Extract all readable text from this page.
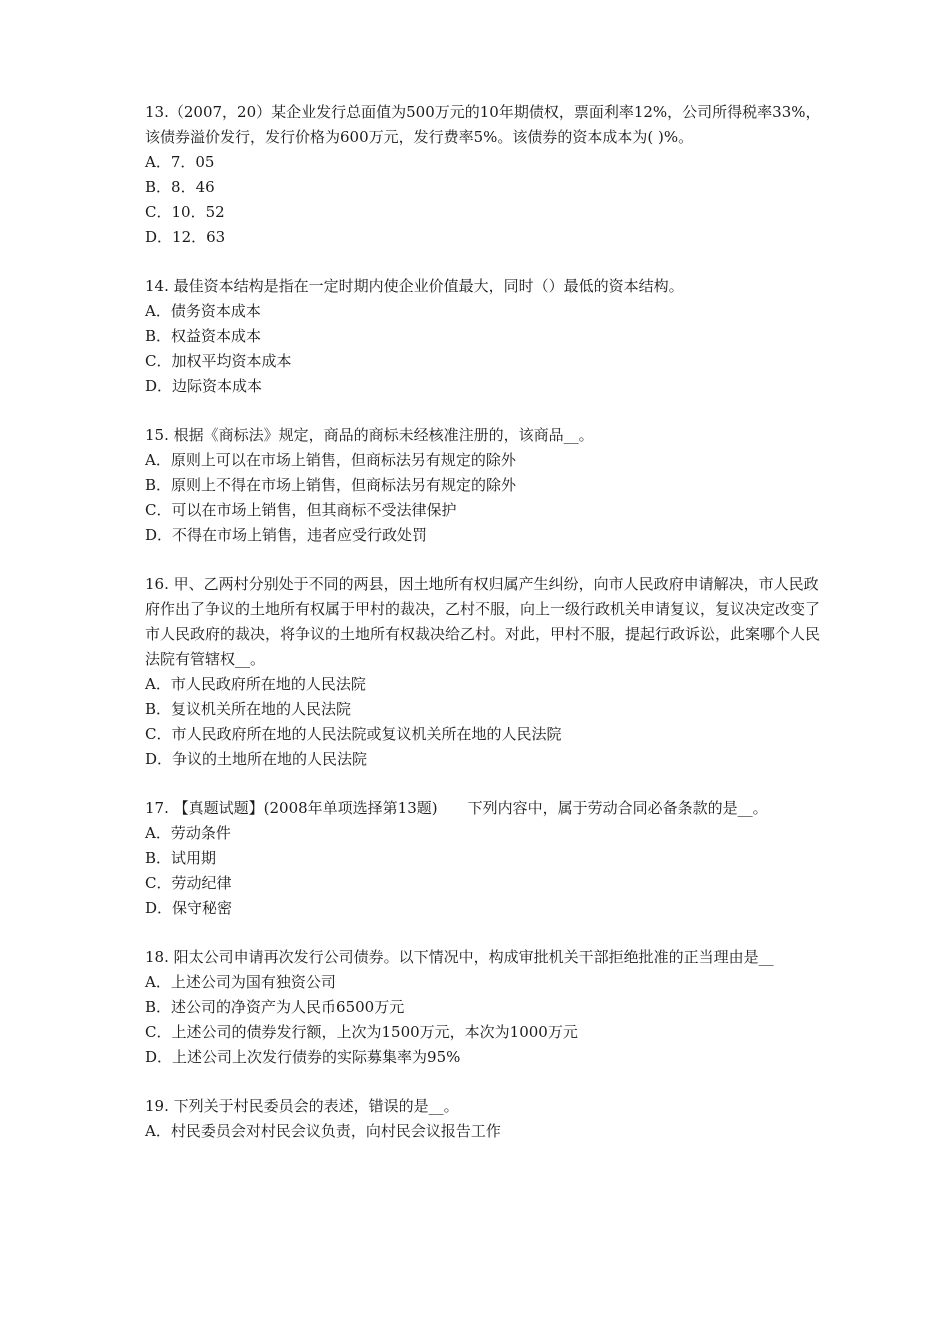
13.（2007，20）某企业发行总面值为500万元的10年期债权，票面利率12%，公司所得税率33%，该债券溢价发行，发行价格为600万元，发行费率5%。该债券的资本成本为( )%。

A．7．05

B．8．46

C．10．52

D．12．63

14. 最佳资本结构是指在一定时期内使企业价值最大，同时（）最低的资本结构。

A．债务资本成本

B．权益资本成本

C．加权平均资本成本

D．边际资本成本

15. 根据《商标法》规定，商品的商标未经核准注册的，该商品__。

A．原则上可以在市场上销售，但商标法另有规定的除外

B．原则上不得在市场上销售，但商标法另有规定的除外

C．可以在市场上销售，但其商标不受法律保护

D．不得在市场上销售，违者应受行政处罚

16. 甲、乙两村分别处于不同的两县，因土地所有权归属产生纠纷，向市人民政府申请解决，市人民政府作出了争议的土地所有权属于甲村的裁决，乙村不服，向上一级行政机关申请复议，复议决定改变了市人民政府的裁决，将争议的土地所有权裁决给乙村。对此，甲村不服，提起行政诉讼，此案哪个人民法院有管辖权__。

A．市人民政府所在地的人民法院

B．复议机关所在地的人民法院

C．市人民政府所在地的人民法院或复议机关所在地的人民法院

D．争议的土地所在地的人民法院

17. 【真题试题】(2008年单项选择第13题)　　下列内容中，属于劳动合同必备条款的是__。

A．劳动条件

B．试用期

C．劳动纪律

D．保守秘密

18. 阳太公司申请再次发行公司债券。以下情况中，构成审批机关干部拒绝批准的正当理由是__

A．上述公司为国有独资公司

B．述公司的净资产为人民币6500万元

C．上述公司的债券发行额，上次为1500万元，本次为1000万元

D．上述公司上次发行债券的实际募集率为95%

19. 下列关于村民委员会的表述，错误的是__。

A．村民委员会对村民会议负责，向村民会议报告工作
